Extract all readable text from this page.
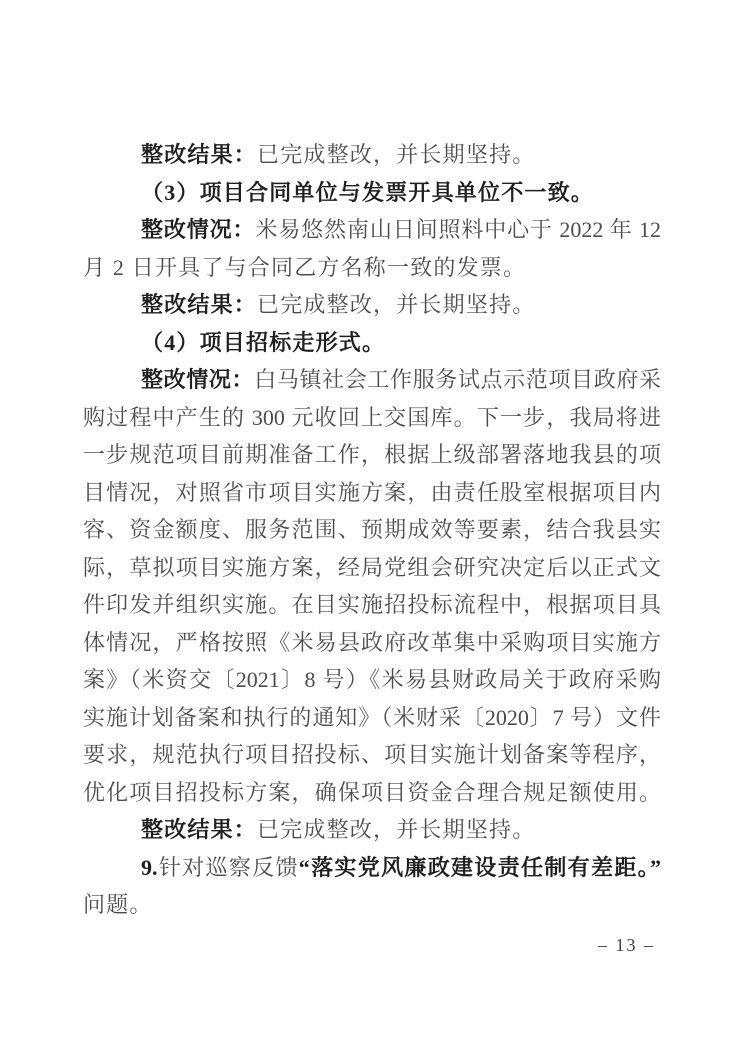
整改结果：已完成整改，并长期坚持。
（3）项目合同单位与发票开具单位不一致。
整改情况：米易悠然南山日间照料中心于 2022 年 12
月 2 日开具了与合同乙方名称一致的发票。
整改结果：已完成整改，并长期坚持。
（4）项目招标走形式。
整改情况：白马镇社会工作服务试点示范项目政府采
购过程中产生的 300 元收回上交国库。下一步，我局将进
一步规范项目前期准备工作，根据上级部署落地我县的项
目情况，对照省市项目实施方案，由责任股室根据项目内
容、资金额度、服务范围、预期成效等要素，结合我县实
际，草拟项目实施方案，经局党组会研究决定后以正式文
件印发并组织实施。在目实施招投标流程中，根据项目具
体情况，严格按照《米易县政府改革集中采购项目实施方
案》（米资交〔2021〕8 号）《米易县财政局关于政府采购
实施计划备案和执行的通知》（米财采〔2020〕7 号）文件
要求，规范执行项目招投标、项目实施计划备案等程序，
优化项目招投标方案，确保项目资金合理合规足额使用。
整改结果：已完成整改，并长期坚持。
9.针对巡察反馈“落实党风廉政建设责任制有差距。”
问题。
– 13 –
